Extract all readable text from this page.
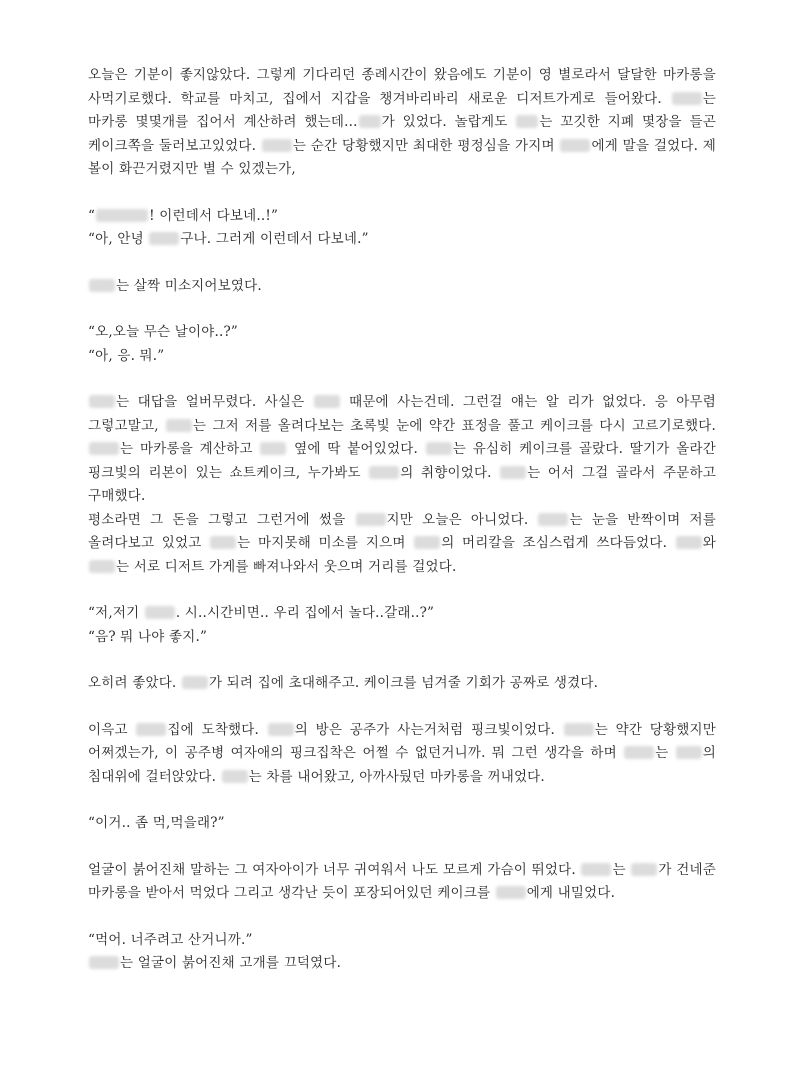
오늘은 기분이 좋지않았다. 그렇게 기다리던 종례시간이 왔음에도 기분이 영 별로라서 달달한 마카롱을 사먹기로했다. 학교를 마치고, 집에서 지갑을 챙겨바리바리 새로운 디저트가게로 들어왔다.	는 마카롱 몇몇개를 집어서 계산하려 했는데... 가 있었다. 놀랍게도 는 꼬깃한 지폐 몇장을 들곤 케이크쪽을 둘러보고있었다.	는 순간 당황했지만 최대한 평정심을 가지며	에게 말을 걸었다. 제 볼이 화끈거렸지만 별 수 있겠는가,

“	! 이런데서 다보네..!”

“아, 안녕	구나. 그러게 이런데서 다보네.”

는 살짝 미소지어보였다.

“오,오늘 무슨 날이야..?”

“아, 응. 뭐.”

는 대답을 얼버무렸다. 사실은	때문에 사는건데. 그런걸 얘는 알 리가 없었다. 응 아무렴 그렇고말고,	는 그저 저를 올려다보는 초록빛 눈에 약간 표정을 풀고 케이크를 다시 고르기로했다. 는 마카롱을 계산하고	옆에 딱 붙어있었다.	는 유심히 케이크를 골랐다. 딸기가 올라간 핑크빛의 리본이 있는 쇼트케이크, 누가봐도	의 취향이었다.	는 어서 그걸 골라서 주문하고 구매했다.

평소라면 그 돈을 그렇고 그런거에 썼을	지만 오늘은 아니었다.	는 눈을 반짝이며 저를 올려다보고 있었고	는 마지못해 미소를 지으며	의 머리칼을 조심스럽게 쓰다듬었다.	와 는 서로 디저트 가게를 빠져나와서 웃으며 거리를 걸었다.

“저,저기	. 시..시간비면.. 우리 집에서 놀다..갈래..?”

“음? 뭐 나야 좋지.”

오히려 좋았다. 가 되려 집에 초대해주고. 케이크를 넘겨줄 기회가 공짜로 생겼다.

이윽고	집에 도착했다.	의 방은 공주가 사는거처럼 핑크빛이었다.	는 약간 당황했지만 어쩌겠는가, 이 공주병 여자애의 핑크집착은 어쩔 수 없던거니까. 뭐 그런 생각을 하며	는	의 침대위에 걸터앉았다. 는 차를 내어왔고, 아까사뒀던 마카롱을 꺼내었다.

“이거.. 좀 먹,먹을래?”

얼굴이 붉어진채 말하는 그 여자아이가 너무 귀여워서 나도 모르게 가슴이 뛰었다.	는 가 건네준 마카롱을 받아서 먹었다 그리고 생각난 듯이 포장되어있던 케이크를	에게 내밀었다.

“먹어. 너주려고 산거니까.”

는 얼굴이 붉어진채 고개를 끄덕였다.
